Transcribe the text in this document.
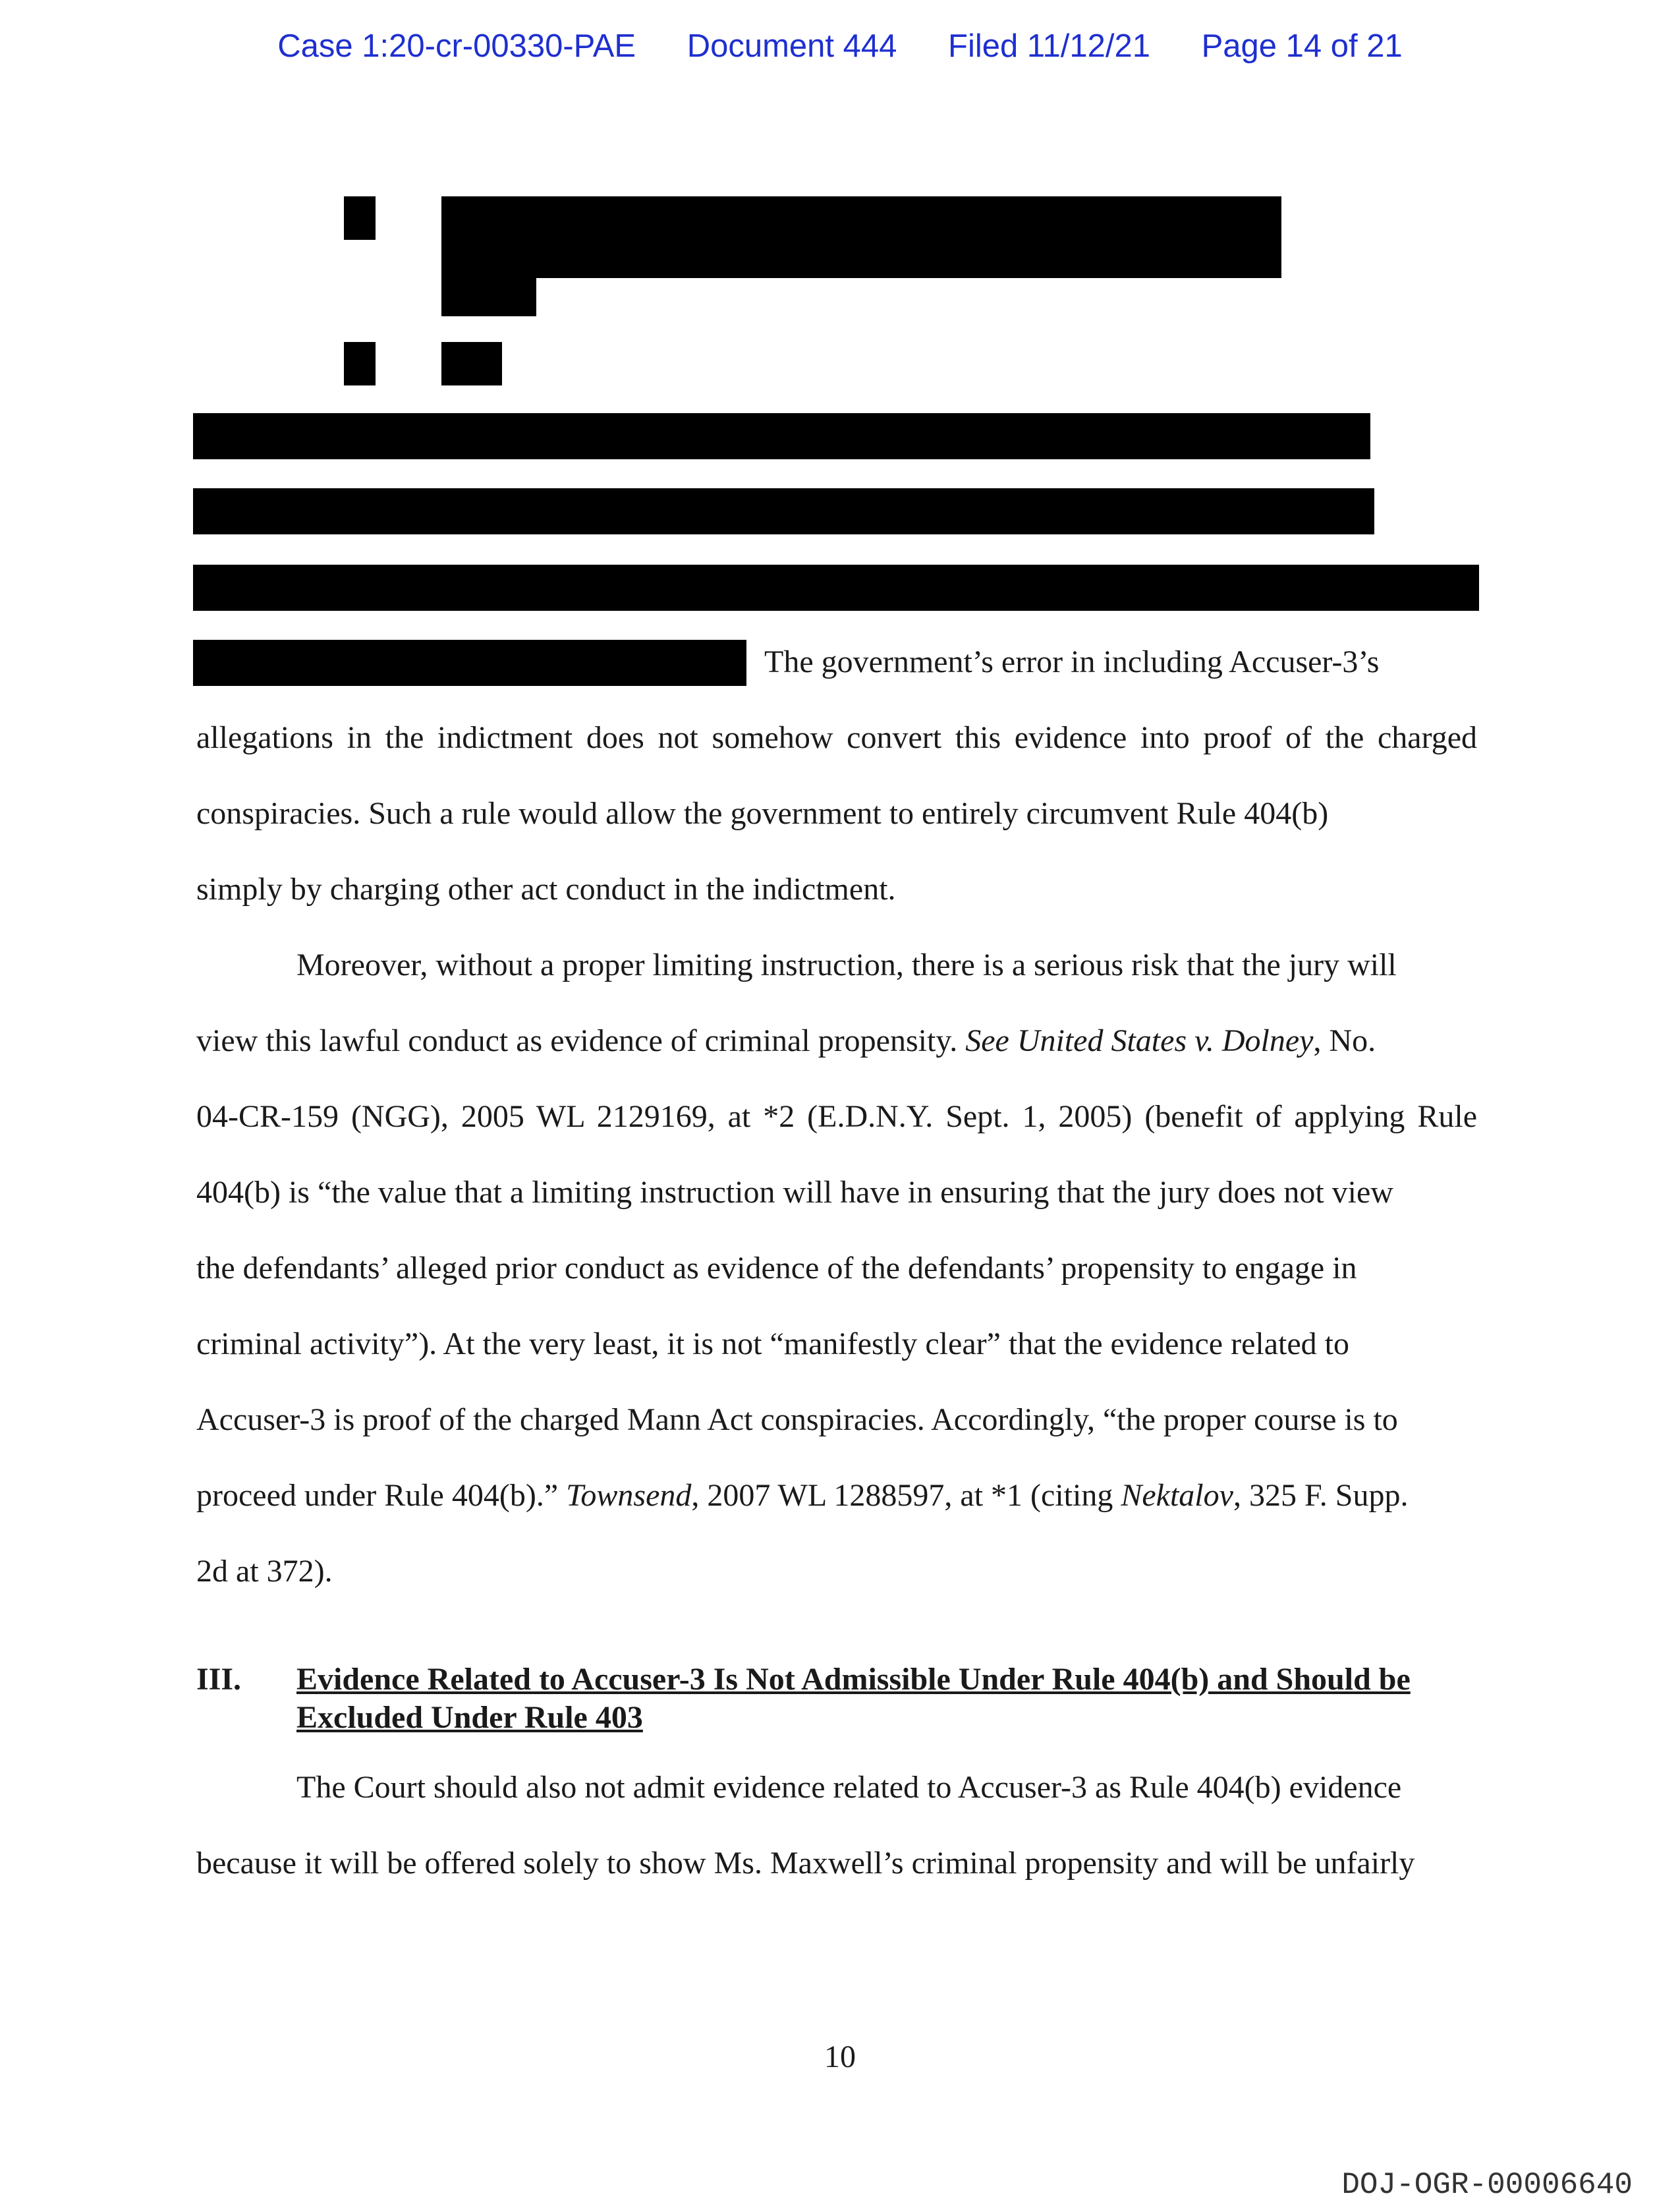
Case 1:20-cr-00330-PAE Document 444 Filed 11/12/21 Page 14 of 21
The government’s error in including Accuser-3’s
allegations in the indictment does not somehow convert this evidence into proof of the charged
conspiracies. Such a rule would allow the government to entirely circumvent Rule 404(b)
simply by charging other act conduct in the indictment.
Moreover, without a proper limiting instruction, there is a serious risk that the jury will
view this lawful conduct as evidence of criminal propensity. See United States v. Dolney, No.
04-CR-159 (NGG), 2005 WL 2129169, at *2 (E.D.N.Y. Sept. 1, 2005) (benefit of applying Rule
404(b) is “the value that a limiting instruction will have in ensuring that the jury does not view
the defendants’ alleged prior conduct as evidence of the defendants’ propensity to engage in
criminal activity”). At the very least, it is not “manifestly clear” that the evidence related to
Accuser-3 is proof of the charged Mann Act conspiracies. Accordingly, “the proper course is to
proceed under Rule 404(b).” Townsend, 2007 WL 1288597, at *1 (citing Nektalov, 325 F. Supp.
2d at 372).
III. Evidence Related to Accuser-3 Is Not Admissible Under Rule 404(b) and Should be Excluded Under Rule 403
The Court should also not admit evidence related to Accuser-3 as Rule 404(b) evidence
because it will be offered solely to show Ms. Maxwell’s criminal propensity and will be unfairly
10
DOJ-OGR-00006640
